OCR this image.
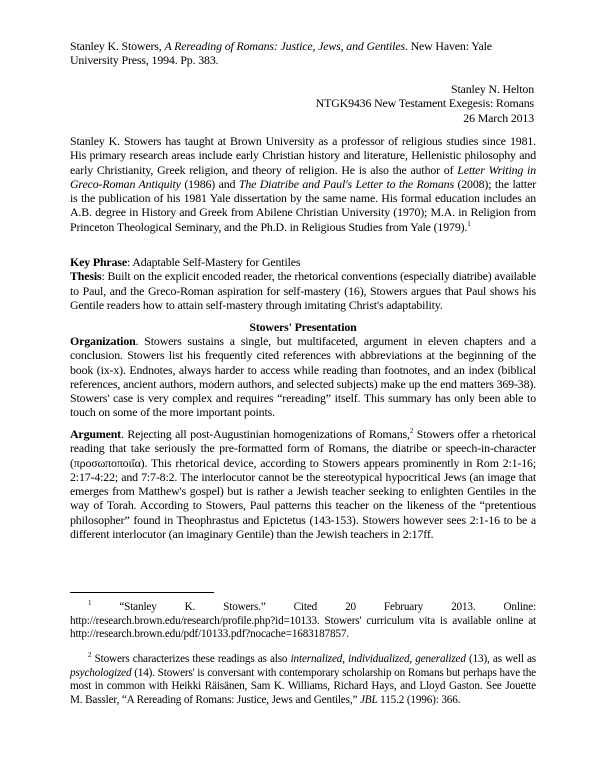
Stanley K. Stowers, A Rereading of Romans: Justice, Jews, and Gentiles. New Haven: Yale University Press, 1994. Pp. 383.
Stanley N. Helton
NTGK9436 New Testament Exegesis: Romans
26 March 2013
Stanley K. Stowers has taught at Brown University as a professor of religious studies since 1981. His primary research areas include early Christian history and literature, Hellenistic philosophy and early Christianity, Greek religion, and theory of religion. He is also the author of Letter Writing in Greco-Roman Antiquity (1986) and The Diatribe and Paul's Letter to the Romans (2008); the latter is the publication of his 1981 Yale dissertation by the same name. His formal education includes an A.B. degree in History and Greek from Abilene Christian University (1970); M.A. in Religion from Princeton Theological Seminary, and the Ph.D. in Religious Studies from Yale (1979).$^1$
Key Phrase: Adaptable Self-Mastery for Gentiles
Thesis: Built on the explicit encoded reader, the rhetorical conventions (especially diatribe) available to Paul, and the Greco-Roman aspiration for self-mastery (16), Stowers argues that Paul shows his Gentile readers how to attain self-mastery through imitating Christ's adaptability.
Stowers' Presentation
Organization. Stowers sustains a single, but multifaceted, argument in eleven chapters and a conclusion. Stowers list his frequently cited references with abbreviations at the beginning of the book (ix-x). Endnotes, always harder to access while reading than footnotes, and an index (biblical references, ancient authors, modern authors, and selected subjects) make up the end matters 369-38). Stowers' case is very complex and requires “rereading” itself. This summary has only been able to touch on some of the more important points.
Argument. Rejecting all post-Augustinian homogenizations of Romans,$^2$ Stowers offer a rhetorical reading that take seriously the pre-formatted form of Romans, the diatribe or speech-in-character (προσωποποιΐα). This rhetorical device, according to Stowers appears prominently in Rom 2:1-16; 2:17-4:22; and 7:7-8:2. The interlocutor cannot be the stereotypical hypocritical Jews (an image that emerges from Matthew's gospel) but is rather a Jewish teacher seeking to enlighten Gentiles in the way of Torah. According to Stowers, Paul patterns this teacher on the likeness of the “pretentious philosopher” found in Theophrastus and Epictetus (143-153). Stowers however sees 2:1-16 to be a different interlocutor (an imaginary Gentile) than the Jewish teachers in 2:17ff.
$^1$ “Stanley K. Stowers.” Cited 20 February 2013. Online: http://research.brown.edu/research/profile.php?id=10133. Stowers' curriculum vita is available online at http://research.brown.edu/pdf/10133.pdf?nocache=1683187857.
$^2$ Stowers characterizes these readings as also internalized, individualized, generalized (13), as well as psychologized (14). Stowers' is conversant with contemporary scholarship on Romans but perhaps have the most in common with Heikki Räisänen, Sam K. Williams, Richard Hays, and Lloyd Gaston. See Jouette M. Bassler, “A Rereading of Romans: Justice, Jews and Gentiles,” JBL 115.2 (1996): 366.
